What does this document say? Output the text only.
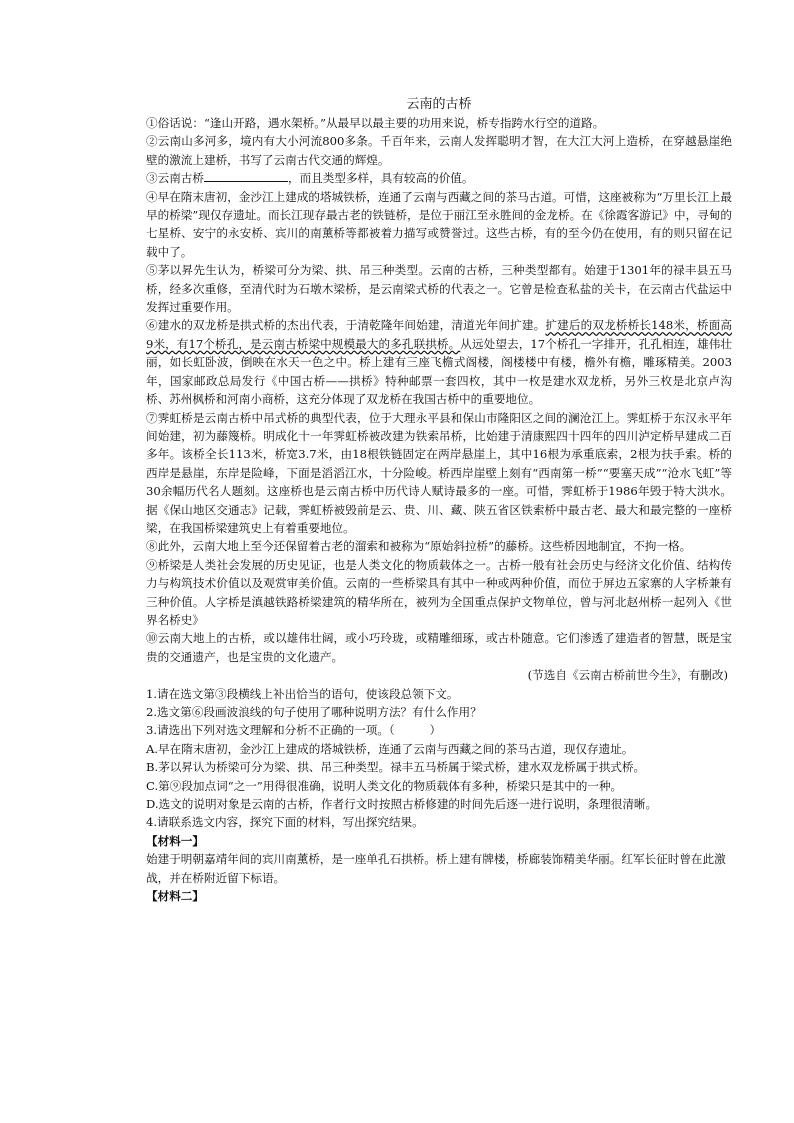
云南的古桥

①俗话说：“逢山开路，遇水架桥。”从最早以最主要的功用来说，桥专指跨水行空的道路。

②云南山多河多，境内有大小河流800多条。千百年来，云南人发挥聪明才智，在大江大河上造桥，在穿越悬崖绝壁的激流上建桥，书写了云南古代交通的辉煌。

③云南古桥	，而且类型多样，具有较高的价值。

④早在隋末唐初，金沙江上建成的塔城铁桥，连通了云南与西藏之间的茶马古道。可惜，这座被称为“万里长江上最早的桥梁”现仅存遗址。而长江现存最古老的铁链桥，是位于丽江至永胜间的金龙桥。在《徐霞客游记》中，寻甸的七星桥、安宁的永安桥、宾川的南薰桥等都被着力描写或赞誉过。这些古桥，有的至今仍在使用，有的则只留在记载中了。

⑤茅以昇先生认为，桥梁可分为梁、拱、吊三种类型。云南的古桥，三种类型都有。始建于1301年的禄丰县五马桥，经多次重修，至清代时为石墩木梁桥，是云南梁式桥的代表之一。它曾是检查私盐的关卡，在云南古代盐运中发挥过重要作用。

⑥建水的双龙桥是拱式桥的杰出代表，于清乾隆年间始建，清道光年间扩建。扩建后的双龙桥桥长148米，桥面高9米，有17个桥孔，是云南古桥梁中规模最大的多孔联拱桥。从远处望去，17个桥孔一字排开，孔孔相连，雄伟壮丽，如长虹卧波，倒映在水天一色之中。桥上建有三座飞檐式阁楼，阁楼楼中有楼，檐外有檐，雕琢精美。2003年，国家邮政总局发行《中国古桥——拱桥》特种邮票一套四枚，其中一枚是建水双龙桥，另外三枚是北京卢沟桥、苏州枫桥和河南小商桥，这充分体现了双龙桥在我国古桥中的重要地位。

⑦霁虹桥是云南古桥中吊式桥的典型代表，位于大理永平县和保山市隆阳区之间的澜沧江上。霁虹桥于东汉永平年间始建，初为藤篾桥。明成化十一年霁虹桥被改建为铁索吊桥，比始建于清康熙四十四年的四川泸定桥早建成二百多年。该桥全长113米，桥宽3.7米，由18根铁链固定在两岸悬崖上，其中16根为承重底索，2根为扶手索。桥的西岸是悬崖，东岸是险峰，下面是滔滔江水，十分险峻。桥西岸崖壁上刻有“西南第一桥”“要塞天成”“沧水飞虹”等30余幅历代名人题刻。这座桥也是云南古桥中历代诗人赋诗最多的一座。可惜，霁虹桥于1986年毁于特大洪水。据《保山地区交通志》记载，霁虹桥被毁前是云、贵、川、藏、陕五省区铁索桥中最古老、最大和最完整的一座桥梁，在我国桥梁建筑史上有着重要地位。

⑧此外，云南大地上至今还保留着古老的溜索和被称为“原始斜拉桥”的藤桥。这些桥因地制宜，不拘一格。

⑨桥梁是人类社会发展的历史见证，也是人类文化的物质载体之一。古桥一般有社会历史与经济文化价值、结构传力与构筑技术价值以及观赏审美价值。云南的一些桥梁具有其中一种或两种价值，而位于屏边五家寨的人字桥兼有三种价值。人字桥是滇越铁路桥梁建筑的精华所在，被列为全国重点保护文物单位，曾与河北赵州桥一起列入《世界名桥史》

⑩云南大地上的古桥，或以雄伟壮阔，或小巧玲珑，或精雕细琢，或古朴随意。它们渗透了建造者的智慧，既是宝贵的交通遗产，也是宝贵的文化遗产。

(节选自《云南古桥前世今生》，有删改)

1.请在选文第③段横线上补出恰当的语句，使该段总领下文。

2.选文第⑥段画波浪线的句子使用了哪种说明方法？有什么作用？

3.请选出下列对选文理解和分析不正确的一项。（　　　）

A.早在隋末唐初，金沙江上建成的塔城铁桥，连通了云南与西藏之间的茶马古道，现仅存遗址。

B.茅以昇认为桥梁可分为梁、拱、吊三种类型。禄丰五马桥属于梁式桥，建水双龙桥属于拱式桥。

C.第⑨段加点词“之一”用得很准确，说明人类文化的物质载体有多种，桥梁只是其中的一种。

D.选文的说明对象是云南的古桥，作者行文时按照古桥修建的时间先后逐一进行说明，条理很清晰。

4.请联系选文内容，探究下面的材料，写出探究结果。

【材料一】

始建于明朝嘉靖年间的宾川南薰桥，是一座单孔石拱桥。桥上建有牌楼，桥廊装饰精美华丽。红军长征时曾在此激战，并在桥附近留下标语。

【材料二】
